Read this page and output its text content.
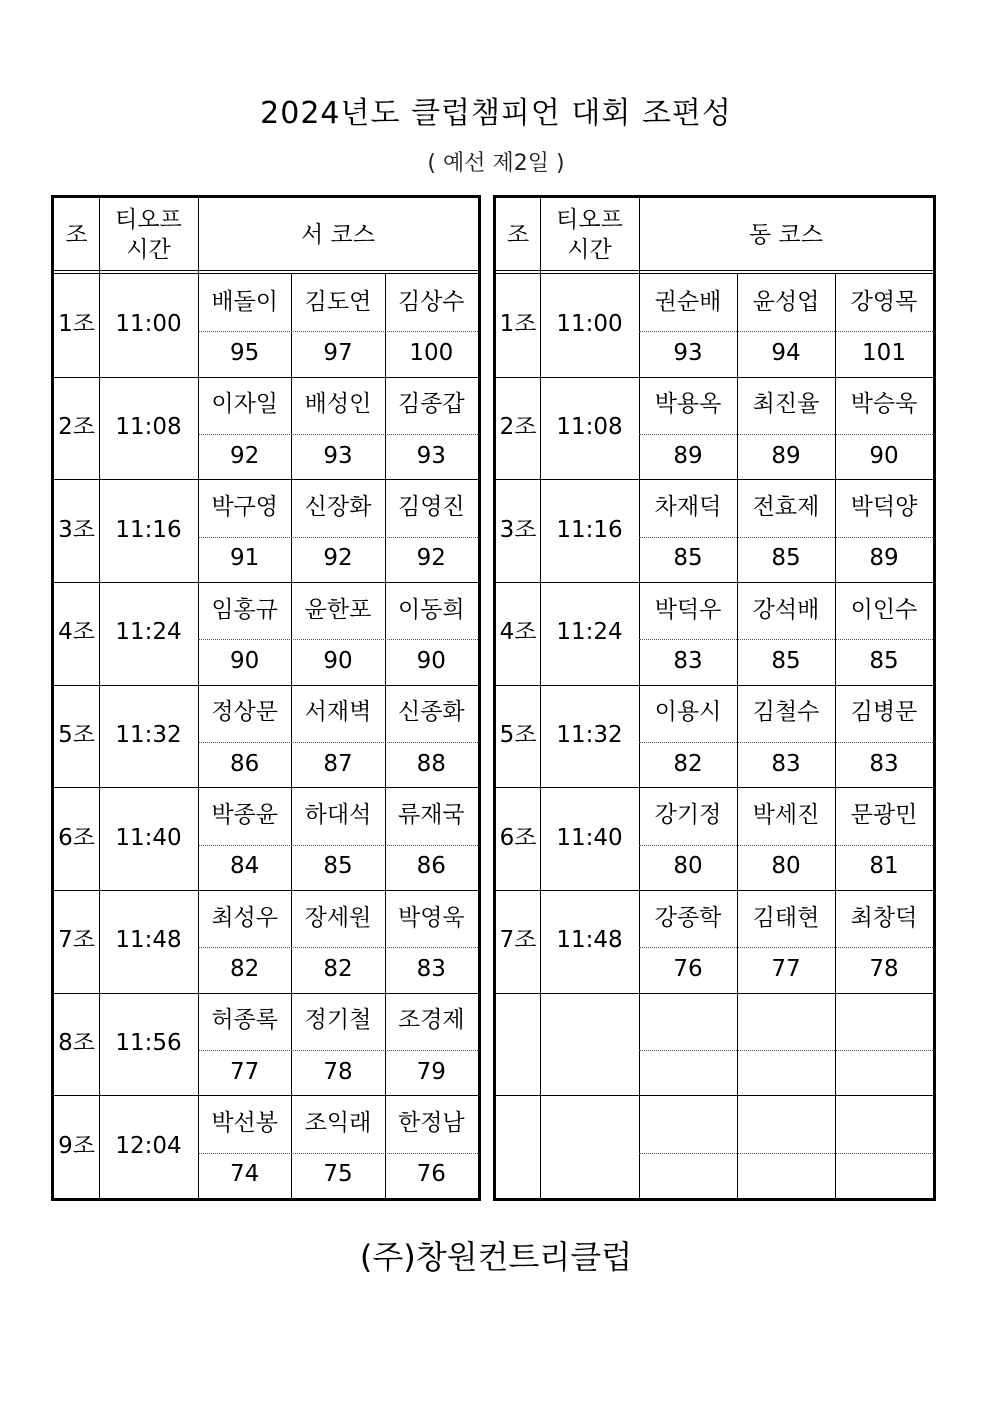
2024년도 클럽챔피언 대회 조편성
( 예선 제2일 )
조
티오프
시간
서 코스
1조 11:00
배돌이
95
김도연
97
김상수
100
2조 11:08
이자일
92
배성인
93
김종갑
93
3조 11:16
박구영
91
신장화
92
김영진
92
4조 11:24
임홍규
90
윤한포
90
이동희
90
5조 11:32
정상문
86
서재벽
87
신종화
88
6조 11:40
박종윤
84
하대석
85
류재국
86
7조 11:48
최성우
82
장세원
82
박영욱
83
8조 11:56
허종록
77
정기철
78
조경제
79
9조 12:04
박선봉
74
조익래
75
한정남
76
조
티오프
시간
동 코스
1조 11:00
권순배
93
윤성업
94
강영목
101
2조 11:08
박용옥
89
최진율
89
박승욱
90
3조 11:16
차재덕
85
전효제
85
박덕양
89
4조 11:24
박덕우
83
강석배
85
이인수
85
5조 11:32
이용시
82
김철수
83
김병문
83
6조 11:40
강기정
80
박세진
80
문광민
81
7조 11:48
강종학
76
김태현
77
최창덕
78
(주)창원컨트리클럽
